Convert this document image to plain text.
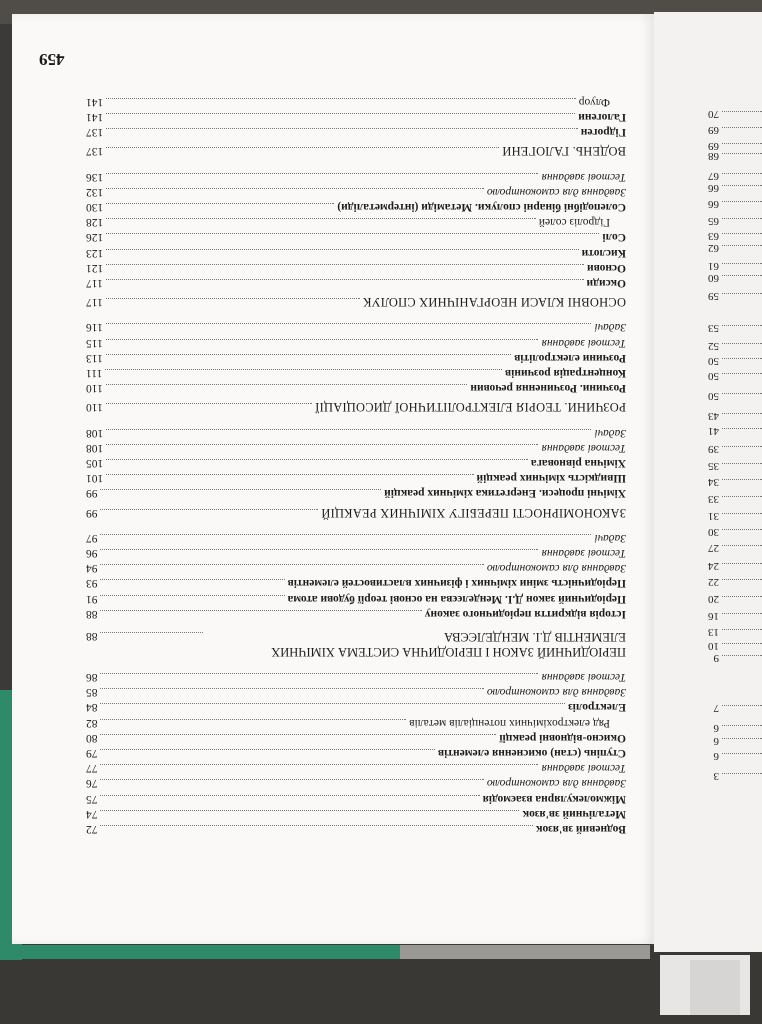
3
6
6
6
7
9
10
13
16
20
22
24
27
30
31
33
34
35
39
41
43
50
50
50
52
53
59
60
61
62
63
65
66
66
67
68
69
69
70
459
Водневий зв'язок
72
Металічний зв'язок
74
Міжмолекулярна взаємодія
75
Завдання для самоконтролю
76
Тестові завдання
77
Ступінь (стан) окиснення елементів
79
Окисно-відновні реакції
80
Ряд електрохімічних потенціалів металів
82
Електроліз
84
Завдання для самоконтролю
85
Тестові завдання
86
ПЕРІОДИЧНИЙ ЗАКОН І ПЕРІОДИЧНА СИСТЕМА ХІМІЧНИХ ЕЛЕМЕНТІВ Д.І. МЕНДЕЛЄЄВА
88
Історія відкриття періодичного закону
88
Періодичний закон Д.І. Менделєєва на основі теорії будови атома
91
Періодичність зміни хімічних і фізичних властивостей елементів
93
Завдання для самоконтролю
94
Тестові завдання
96
Задачі
97
ЗАКОНОМІРНОСТІ ПЕРЕБІГУ ХІМІЧНИХ РЕАКЦІЙ
99
Хімічні процеси. Енергетика хімічних реакцій
99
Швидкість хімічних реакцій
101
Хімічна рівновага
105
Тестові завдання
108
Задачі
108
РОЗЧИНИ. ТЕОРІЯ ЕЛЕКТРОЛІТИЧНОЇ ДИСОЦІАЦІЇ
110
Розчини. Розчинення речовин
110
Концентрація розчинів
111
Розчини електролітів
113
Тестові завдання
115
Задачі
116
ОСНОВНІ КЛАСИ НЕОРГАНІЧНИХ СПОЛУК
117
Оксиди
117
Основи
121
Кислоти
123
Солі
126
Гідроліз солей
128
Солеподібні бінарні сполуки. Метаміди (інтерметаліди)
130
Завдання для самоконтролю
132
Тестові завдання
136
ВОДЕНЬ. ГАЛОГЕНИ
137
Гідроген
137
Галогени
141
Флуор
141
